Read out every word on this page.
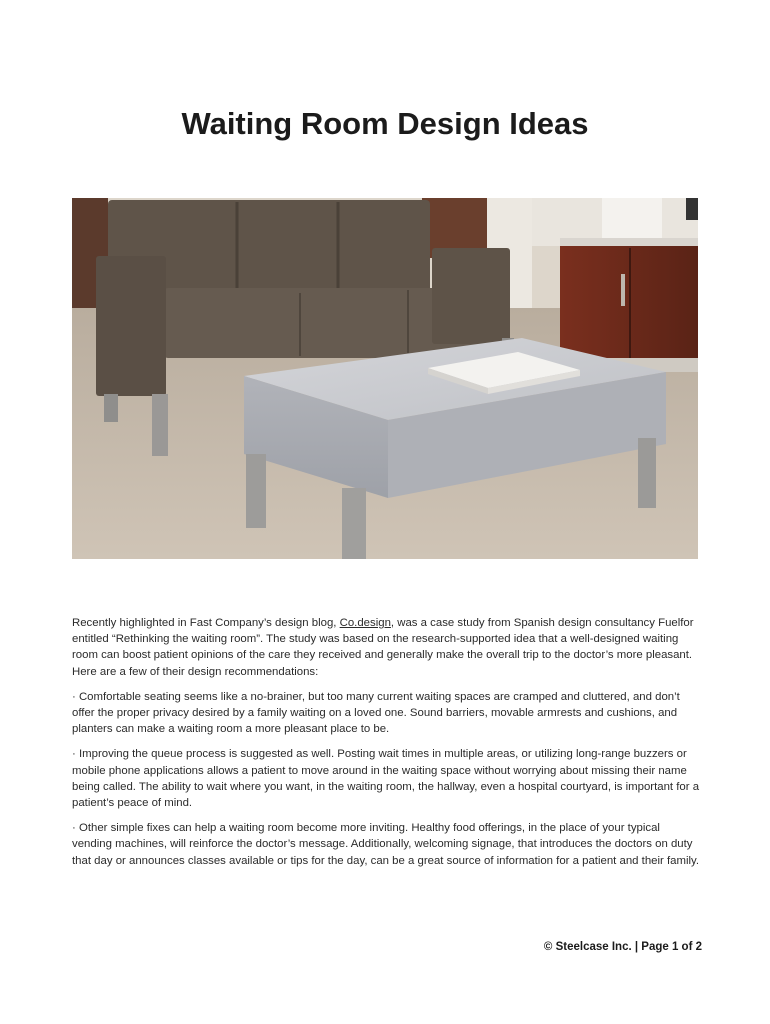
Waiting Room Design Ideas

Recently highlighted in Fast Company’s design blog, Co.design, was a case study from Spanish design consultancy Fuelfor entitled “Rethinking the waiting room”. The study was based on the research-supported idea that a well-designed waiting room can boost patient opinions of the care they received and generally make the overall trip to the doctor’s more pleasant. Here are a few of their design recommendations:

· Comfortable seating seems like a no-brainer, but too many current waiting spaces are cramped and cluttered, and don’t offer the proper privacy desired by a family waiting on a loved one. Sound barriers, movable armrests and cushions, and planters can make a waiting room a more pleasant place to be.

· Improving the queue process is suggested as well. Posting wait times in multiple areas, or utilizing long-range buzzers or mobile phone applications allows a patient to move around in the waiting space without worrying about missing their name being called. The ability to wait where you want, in the waiting room, the hallway, even a hospital courtyard, is important for a patient’s peace of mind.

· Other simple fixes can help a waiting room become more inviting. Healthy food offerings, in the place of your typical vending machines, will reinforce the doctor’s message. Additionally, welcoming signage, that introduces the doctors on duty that day or announces classes available or tips for the day, can be a great source of information for a patient and their family.

© Steelcase Inc. | Page 1 of 2
